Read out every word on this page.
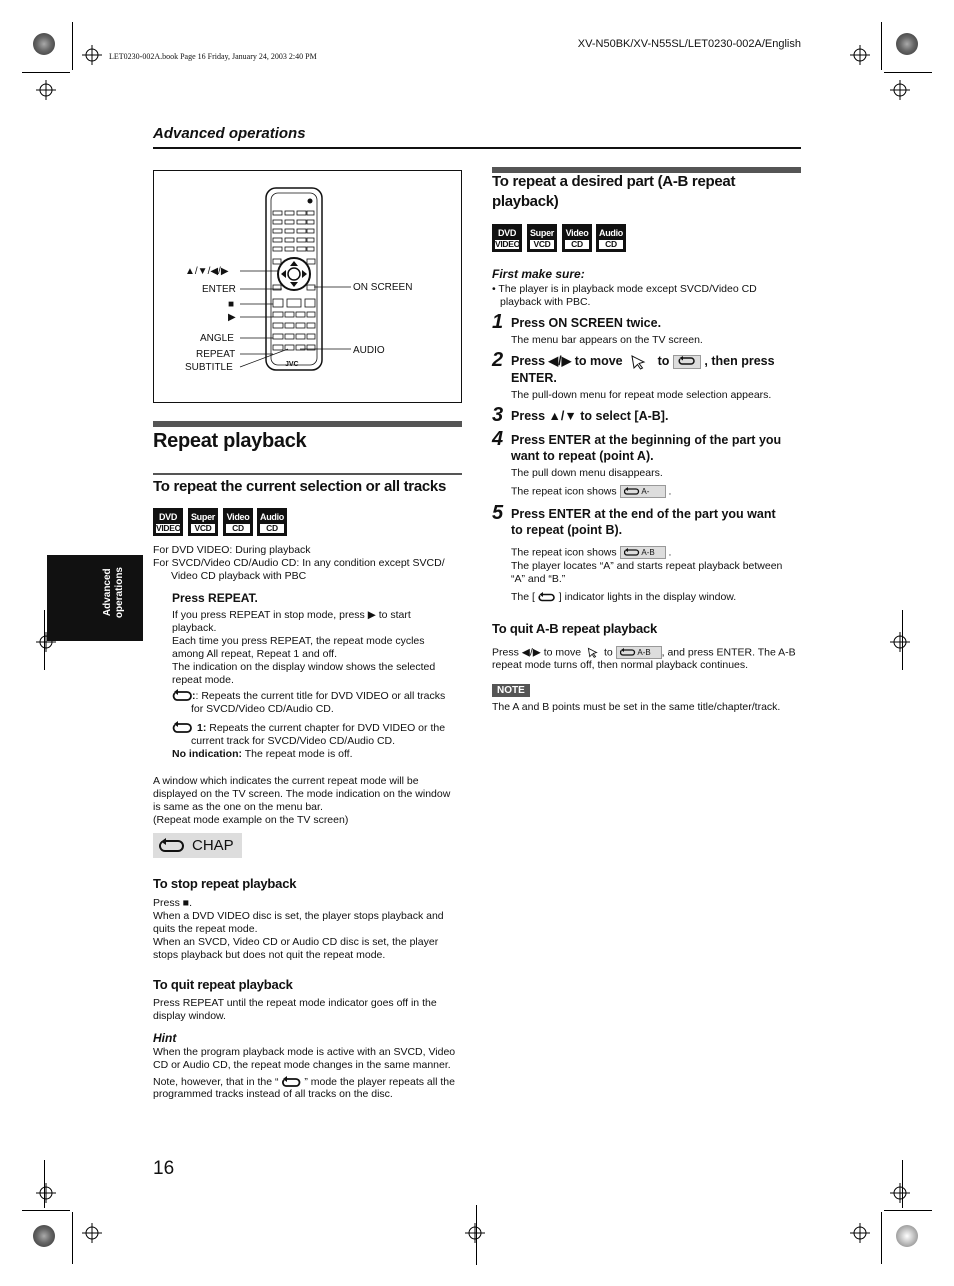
XV-N50BK/XV-N55SL/LET0230-002A/English
LET0230-002A.book Page 16 Friday, January 24, 2003 2:40 PM
Advanced operations
Advanced
operations
▲/▼/◀/▶
ENTER
■
▶
ANGLE
REPEAT
SUBTITLE
ON SCREEN
AUDIO
JVC
Repeat playback
To repeat the current selection or all tracks
DVD
VIDEO
Super
VCD
Video
CD
Audio
CD
For DVD VIDEO: During playback
For SVCD/Video CD/Audio CD: In any condition except SVCD/
Video CD playback with PBC
Press REPEAT.
If you press REPEAT in stop mode, press ▶ to start
playback.
Each time you press REPEAT, the repeat mode cycles
among All repeat, Repeat 1 and off.
The indication on the display window shows the selected
repeat mode.
:: Repeats the current title for DVD VIDEO or all tracks
for SVCD/Video CD/Audio CD.
1: Repeats the current chapter for DVD VIDEO or the
current track for SVCD/Video CD/Audio CD.
No indication: The repeat mode is off.
A window which indicates the current repeat mode will be
displayed on the TV screen. The mode indication on the window
is same as the one on the menu bar.
(Repeat mode example on the TV screen)
CHAP
To stop repeat playback
Press ■.
When a DVD VIDEO disc is set, the player stops playback and
quits the repeat mode.
When an SVCD, Video CD or Audio CD disc is set, the player
stops playback but does not quit the repeat mode.
To quit repeat playback
Press REPEAT until the repeat mode indicator goes off in the
display window.
Hint
When the program playback mode is active with an SVCD, Video
CD or Audio CD, the repeat mode changes in the same manner.
Note, however, that in the “ ” mode the player repeats all the
programmed tracks instead of all tracks on the disc.
16
To repeat a desired part (A-B repeat
playback)
DVD
VIDEO
Super
VCD
Video
CD
Audio
CD
First make sure:
• The player is in playback mode except SVCD/Video CD
playback with PBC.
1 Press ON SCREEN twice.
The menu bar appears on the TV screen.
2 Press ◀/▶ to move	to	, then press
ENTER.
The pull-down menu for repeat mode selection appears.
3 Press ▲/▼ to select [A-B].
4 Press ENTER at the beginning of the part you
want to repeat (point A).
The pull down menu disappears.
The repeat icon shows	A- .
5 Press ENTER at the end of the part you want
to repeat (point B).
The repeat icon shows	A-B .
The player locates “A” and starts repeat playback between
“A” and “B.”
The [ ] indicator lights in the display window.
To quit A-B repeat playback
Press ◀/▶ to move to	A-B , and press ENTER. The A-B
repeat mode turns off, then normal playback continues.
NOTE
The A and B points must be set in the same title/chapter/track.
